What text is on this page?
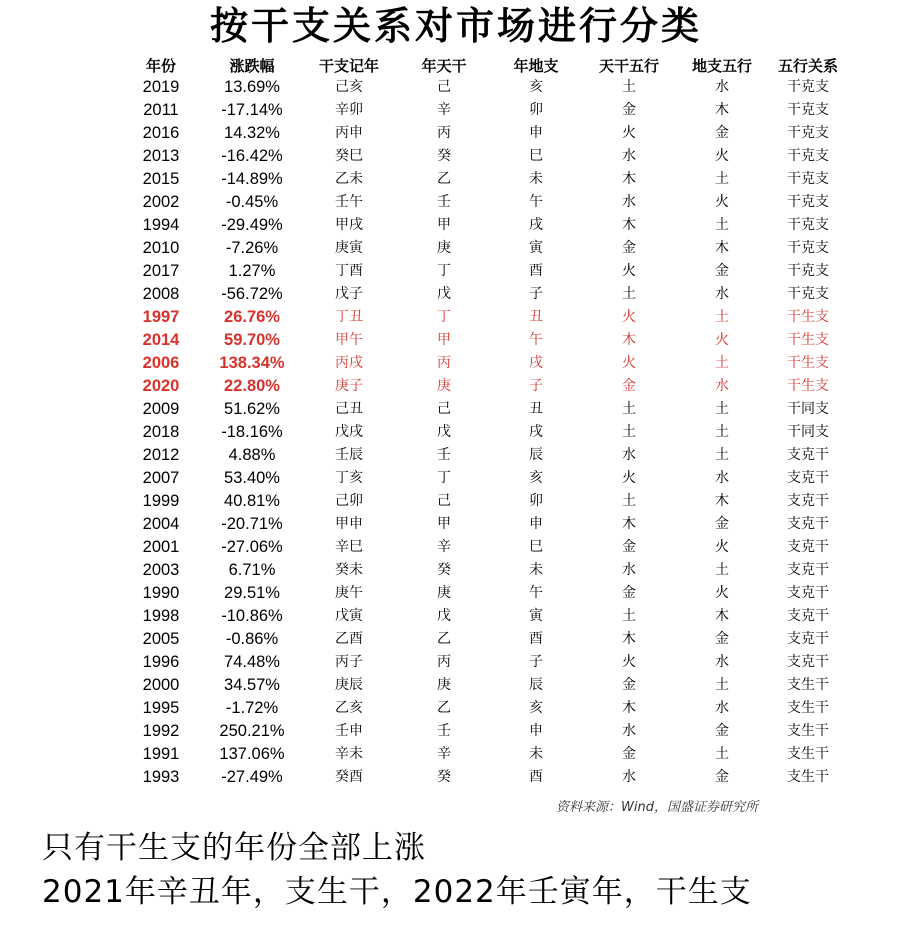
按干支关系对市场进行分类
年份	涨跌幅	干支记年	年天干	年地支	天干五行	地支五行	五行关系
2019	13.69%	己亥	己	亥	土	水	干克支
2011	-17.14%	辛卯	辛	卯	金	木	干克支
2016	14.32%	丙申	丙	申	火	金	干克支
2013	-16.42%	癸巳	癸	巳	水	火	干克支
2015	-14.89%	乙未	乙	未	木	土	干克支
2002	-0.45%	壬午	壬	午	水	火	干克支
1994	-29.49%	甲戌	甲	戌	木	土	干克支
2010	-7.26%	庚寅	庚	寅	金	木	干克支
2017	1.27%	丁酉	丁	酉	火	金	干克支
2008	-56.72%	戊子	戊	子	土	水	干克支
1997	26.76%	丁丑	丁	丑	火	土	干生支
2014	59.70%	甲午	甲	午	木	火	干生支
2006	138.34%	丙戌	丙	戌	火	土	干生支
2020	22.80%	庚子	庚	子	金	水	干生支
2009	51.62%	己丑	己	丑	土	土	干同支
2018	-18.16%	戊戌	戊	戌	土	土	干同支
2012	4.88%	壬辰	壬	辰	水	土	支克干
2007	53.40%	丁亥	丁	亥	火	水	支克干
1999	40.81%	己卯	己	卯	土	木	支克干
2004	-20.71%	甲申	甲	申	木	金	支克干
2001	-27.06%	辛巳	辛	巳	金	火	支克干
2003	6.71%	癸未	癸	未	水	土	支克干
1990	29.51%	庚午	庚	午	金	火	支克干
1998	-10.86%	戊寅	戊	寅	土	木	支克干
2005	-0.86%	乙酉	乙	酉	木	金	支克干
1996	74.48%	丙子	丙	子	火	水	支克干
2000	34.57%	庚辰	庚	辰	金	土	支生干
1995	-1.72%	乙亥	乙	亥	木	水	支生干
1992	250.21%	壬申	壬	申	水	金	支生干
1991	137.06%	辛未	辛	未	金	土	支生干
1993	-27.49%	癸酉	癸	酉	水	金	支生干
资料来源：Wind，国盛证券研究所
只有干生支的年份全部上涨
2021年辛丑年，支生干，2022年壬寅年，干生支
